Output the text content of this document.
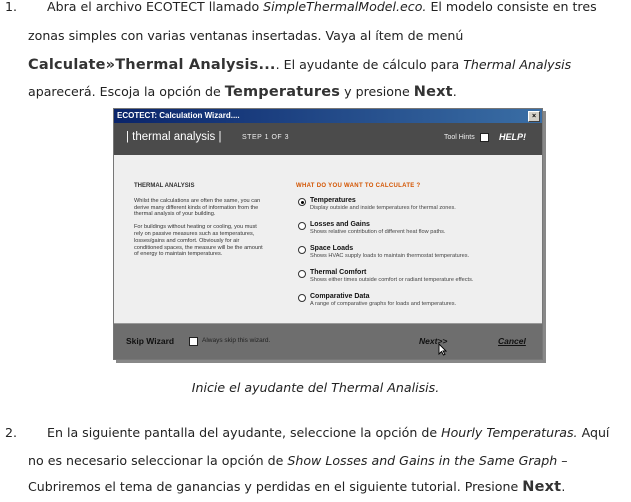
1. Abra el archivo ECOTECT llamado SimpleThermalModel.eco. El modelo consiste en tres
zonas simples con varias ventanas insertadas. Vaya al ítem de menú
Calculate»Thermal Analysis.... El ayudante de cálculo para Thermal Analysis
aparecerá. Escoja la opción de Temperatures y presione Next.
ECOTECT: Calculation Wizard....	×
| thermal analysis |	STEP 1 OF 3	Tool Hints	HELP!
THERMAL ANALYSIS

Whilst the calculations are often the same, you can derive many different kinds of information from the thermal analysis of your building.

For buildings without heating or cooling, you must rely on passive measures such as temperatures, losses/gains and comfort. Obviously for air conditioned spaces, the measure will be the amount of energy to maintain temperatures.

WHAT DO YOU WANT TO CALCULATE ?
Temperatures
Display outside and inside temperatures for thermal zones.
Losses and Gains
Shows relative contribution of different heat flow paths.
Space Loads
Shows HVAC supply loads to maintain thermostat temperatures.
Thermal Comfort
Shows either times outside comfort or radiant temperature effects.
Comparative Data
A range of comparative graphs for loads and temperatures.
Skip Wizard	Always skip this wizard.	Next>>	Cancel
Inicie el ayudante del Thermal Analisis.
2. En la siguiente pantalla del ayudante, seleccione la opción de Hourly Temperaturas. Aquí
no es necesario seleccionar la opción de Show Losses and Gains in the Same Graph –
Cubriremos el tema de ganancias y perdidas en el siguiente tutorial. Presione Next.
